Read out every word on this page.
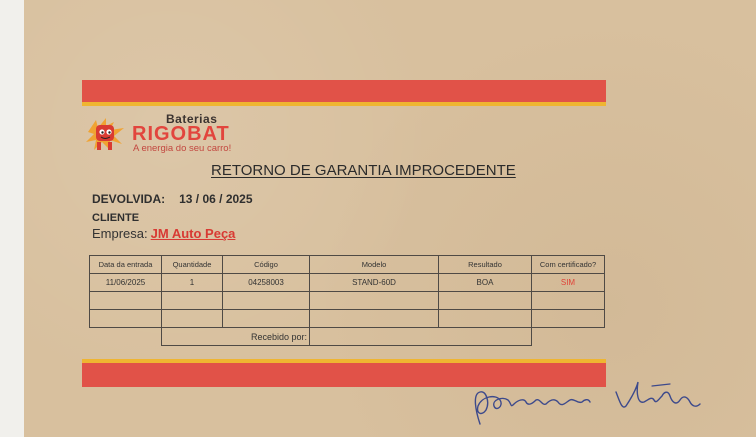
Baterias
RIGOBAT
A energia do seu carro!
RETORNO DE GARANTIA IMPROCEDENTE
DEVOLVIDA: 13 / 06 / 2025
CLIENTE
Empresa: JM Auto Peça
Data da entrada	Quantidade	Código	Modelo	Resultado	Com certificado?
11/06/2025	1	04258003	STAND-60D	BOA	SIM

	Recebido por:				
